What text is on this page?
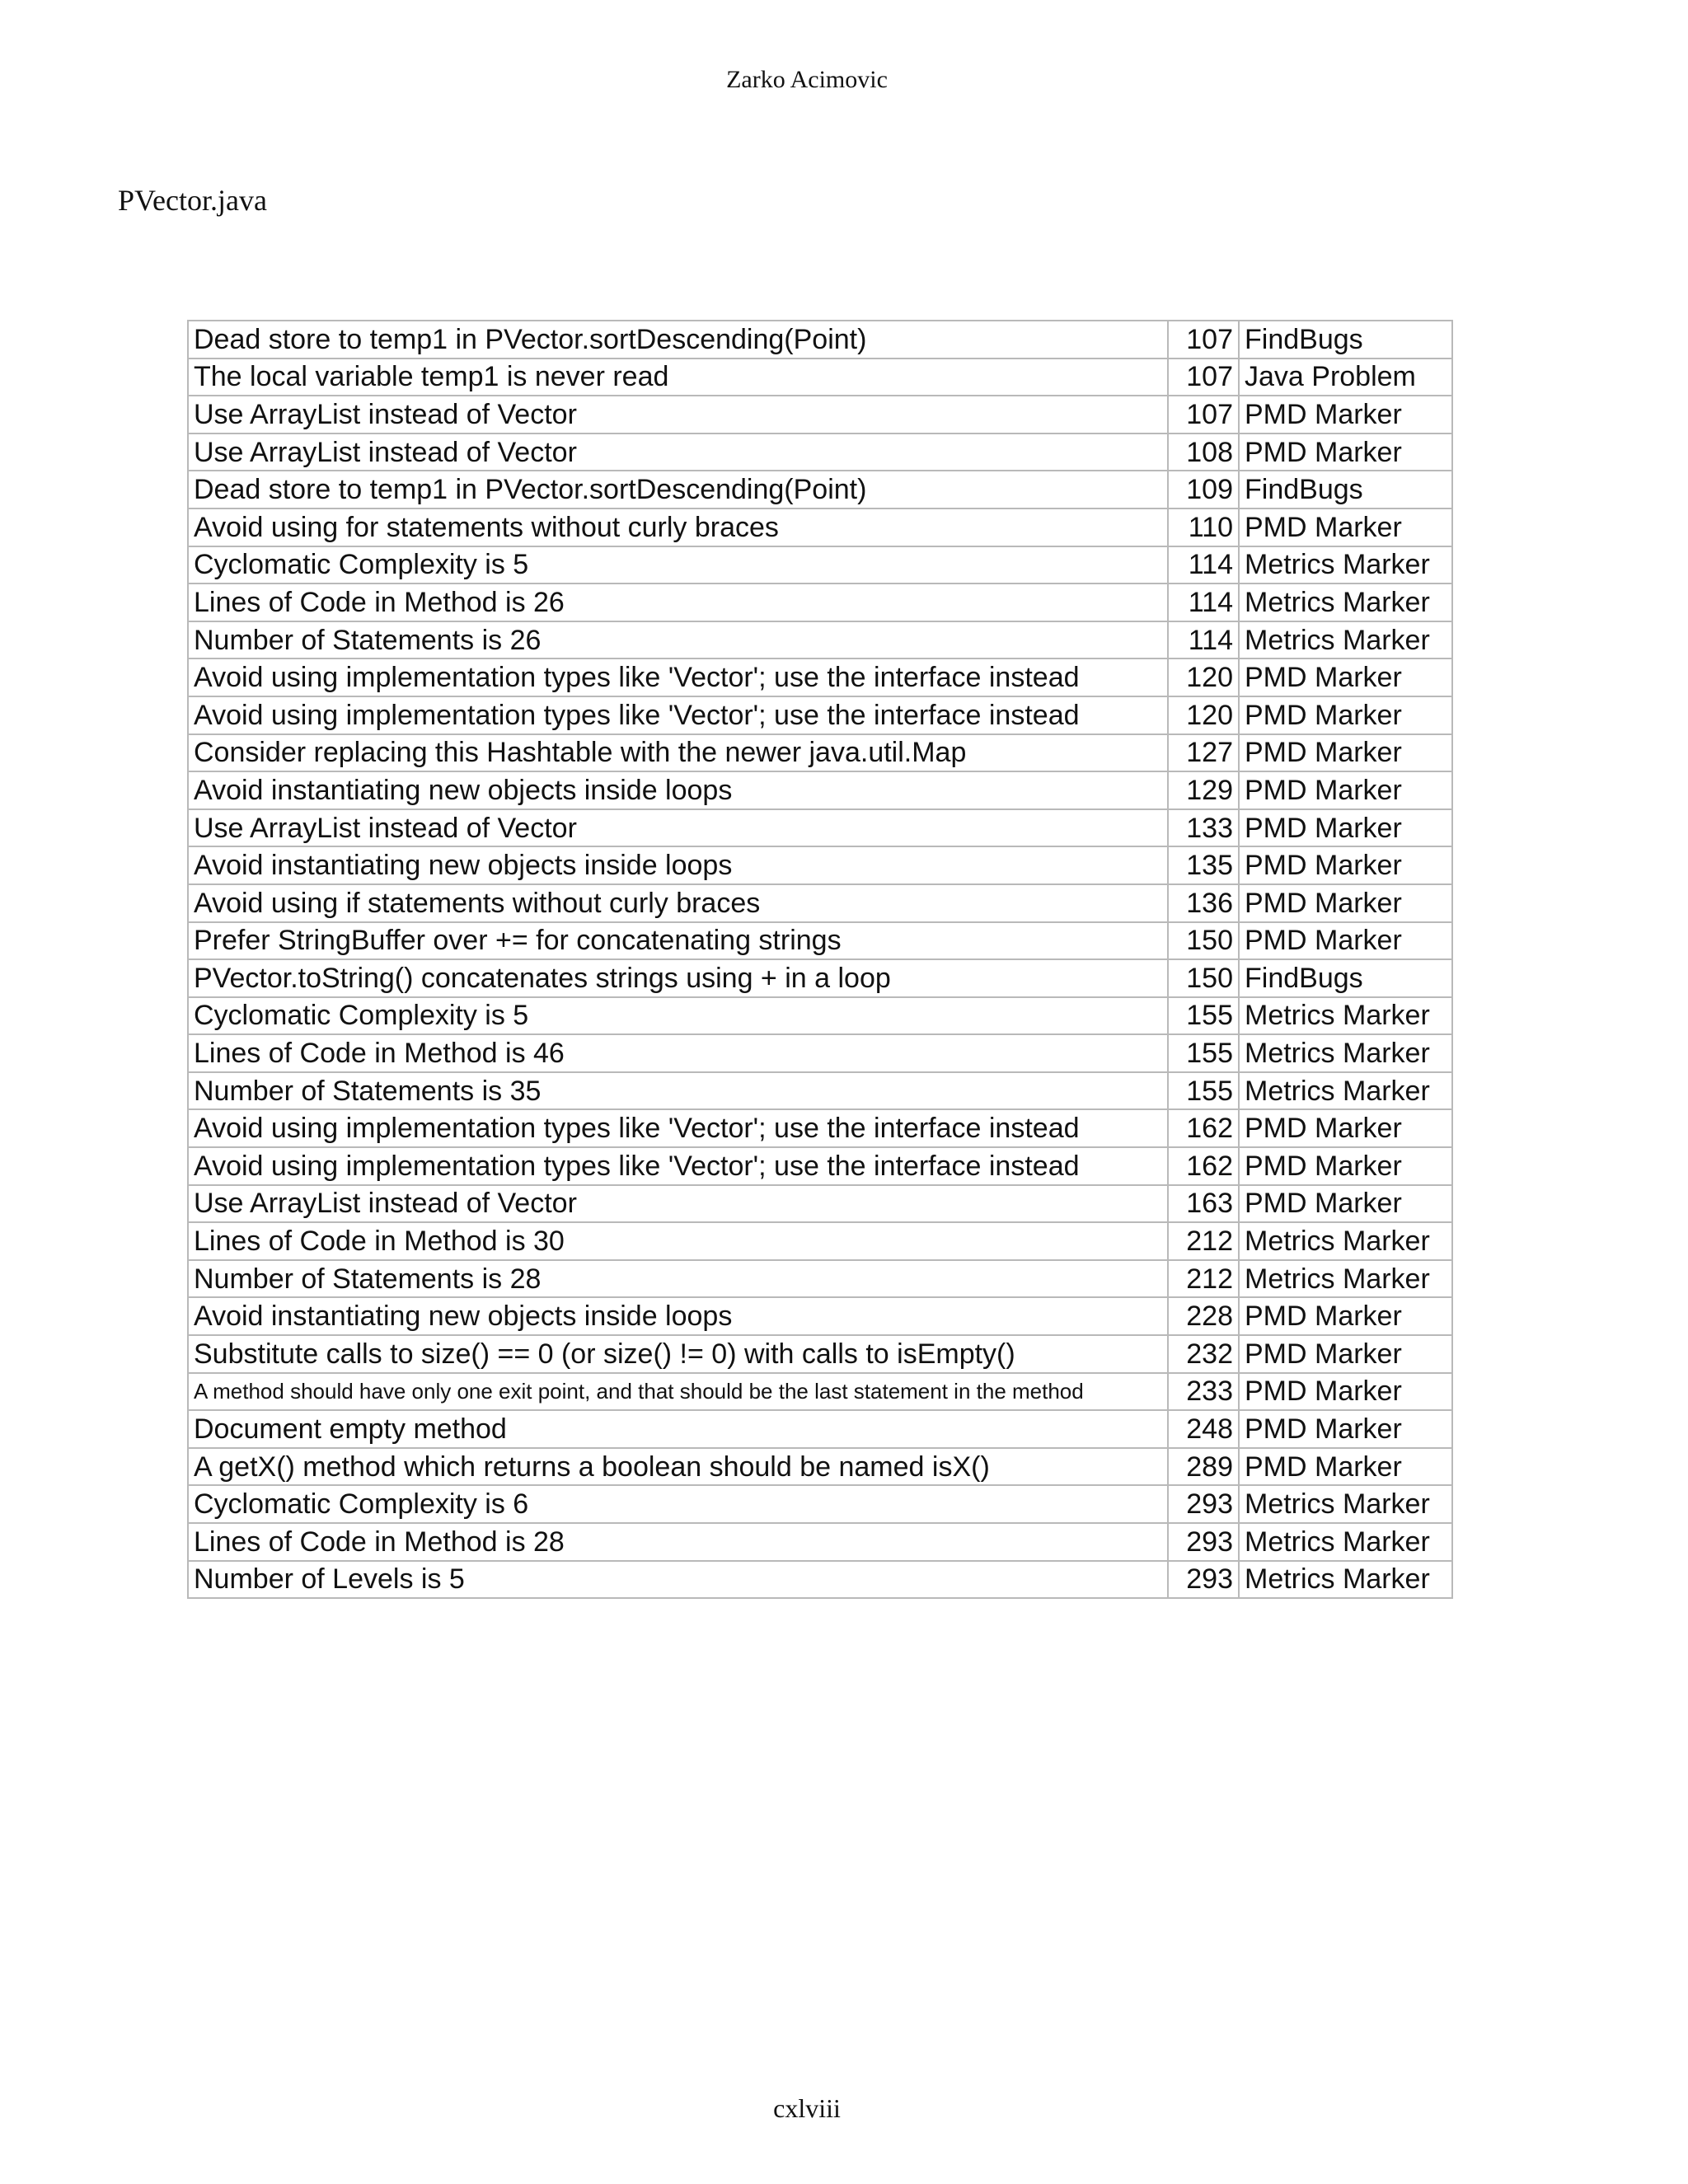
Zarko Acimovic
PVector.java
Dead store to temp1 in PVector.sortDescending(Point)	107	FindBugs
The local variable temp1 is never read	107	Java Problem
Use ArrayList instead of Vector	107	PMD Marker
Use ArrayList instead of Vector	108	PMD Marker
Dead store to temp1 in PVector.sortDescending(Point)	109	FindBugs
Avoid using for statements without curly braces	110	PMD Marker
Cyclomatic Complexity is 5	114	Metrics Marker
Lines of Code in Method is 26	114	Metrics Marker
Number of Statements is 26	114	Metrics Marker
Avoid using implementation types like 'Vector'; use the interface instead	120	PMD Marker
Avoid using implementation types like 'Vector'; use the interface instead	120	PMD Marker
Consider replacing this Hashtable with the newer java.util.Map	127	PMD Marker
Avoid instantiating new objects inside loops	129	PMD Marker
Use ArrayList instead of Vector	133	PMD Marker
Avoid instantiating new objects inside loops	135	PMD Marker
Avoid using if statements without curly braces	136	PMD Marker
Prefer StringBuffer over += for concatenating strings	150	PMD Marker
PVector.toString() concatenates strings using + in a loop	150	FindBugs
Cyclomatic Complexity is 5	155	Metrics Marker
Lines of Code in Method is 46	155	Metrics Marker
Number of Statements is 35	155	Metrics Marker
Avoid using implementation types like 'Vector'; use the interface instead	162	PMD Marker
Avoid using implementation types like 'Vector'; use the interface instead	162	PMD Marker
Use ArrayList instead of Vector	163	PMD Marker
Lines of Code in Method is 30	212	Metrics Marker
Number of Statements is 28	212	Metrics Marker
Avoid instantiating new objects inside loops	228	PMD Marker
Substitute calls to size() == 0 (or size() != 0) with calls to isEmpty()	232	PMD Marker
A method should have only one exit point, and that should be the last statement in the method	233	PMD Marker
Document empty method	248	PMD Marker
A getX() method which returns a boolean should be named isX()	289	PMD Marker
Cyclomatic Complexity is 6	293	Metrics Marker
Lines of Code in Method is 28	293	Metrics Marker
Number of Levels is 5	293	Metrics Marker
cxlviii
